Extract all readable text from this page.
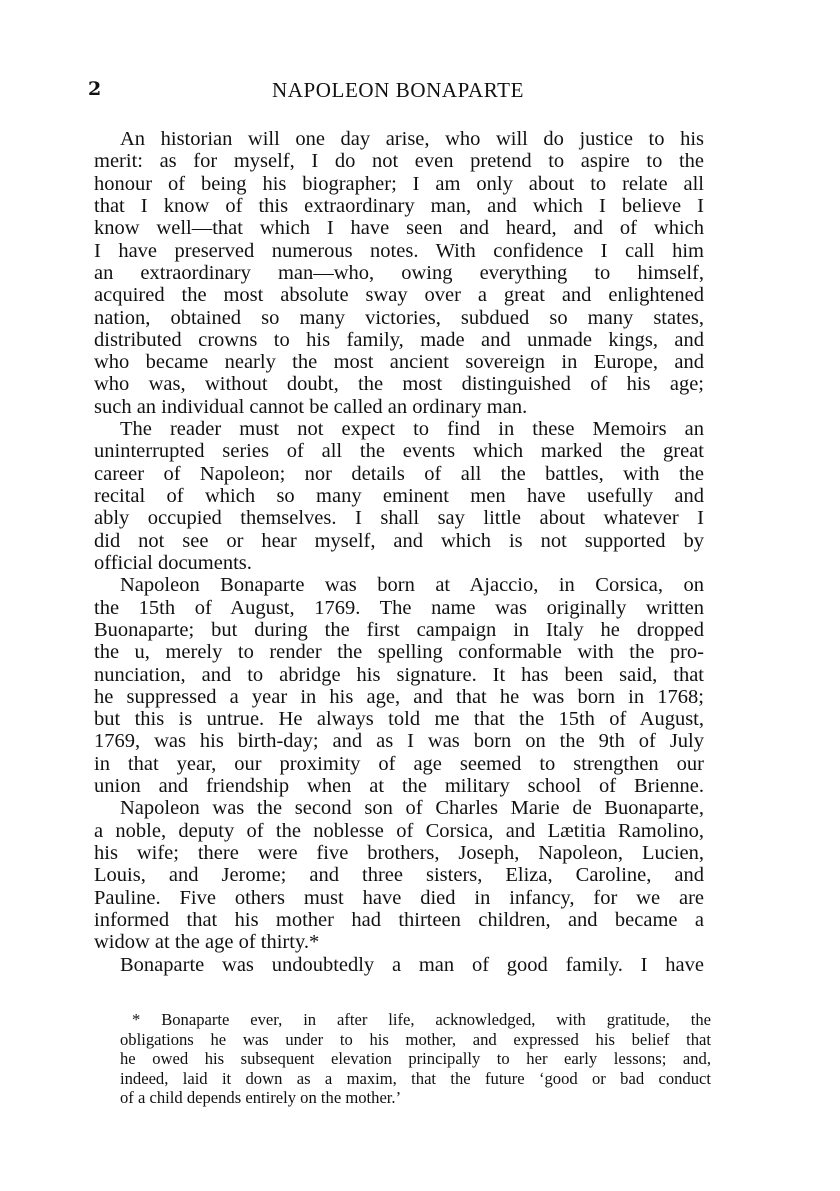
2	NAPOLEON BONAPARTE
An historian will one day arise, who will do justice to his
merit: as for myself, I do not even pretend to aspire to the
honour of being his biographer; I am only about to relate all
that I know of this extraordinary man, and which I believe I
know well—that which I have seen and heard, and of which
I have preserved numerous notes. With confidence I call him
an extraordinary man—who, owing everything to himself,
acquired the most absolute sway over a great and enlightened
nation, obtained so many victories, subdued so many states,
distributed crowns to his family, made and unmade kings, and
who became nearly the most ancient sovereign in Europe, and
who was, without doubt, the most distinguished of his age;
such an individual cannot be called an ordinary man.
The reader must not expect to find in these Memoirs an
uninterrupted series of all the events which marked the great
career of Napoleon; nor details of all the battles, with the
recital of which so many eminent men have usefully and
ably occupied themselves. I shall say little about whatever I
did not see or hear myself, and which is not supported by
official documents.
Napoleon Bonaparte was born at Ajaccio, in Corsica, on
the 15th of August, 1769. The name was originally written
Buonaparte; but during the first campaign in Italy he dropped
the u, merely to render the spelling conformable with the pro-
nunciation, and to abridge his signature. It has been said, that
he suppressed a year in his age, and that he was born in 1768;
but this is untrue. He always told me that the 15th of August,
1769, was his birth-day; and as I was born on the 9th of July
in that year, our proximity of age seemed to strengthen our
union and friendship when at the military school of Brienne.
Napoleon was the second son of Charles Marie de Buonaparte,
a noble, deputy of the noblesse of Corsica, and Lætitia Ramolino,
his wife; there were five brothers, Joseph, Napoleon, Lucien,
Louis, and Jerome; and three sisters, Eliza, Caroline, and
Pauline. Five others must have died in infancy, for we are
informed that his mother had thirteen children, and became a
widow at the age of thirty.*
Bonaparte was undoubtedly a man of good family. I have
* Bonaparte ever, in after life, acknowledged, with gratitude, the
obligations he was under to his mother, and expressed his belief that
he owed his subsequent elevation principally to her early lessons; and,
indeed, laid it down as a maxim, that the future ‘good or bad conduct
of a child depends entirely on the mother.’
